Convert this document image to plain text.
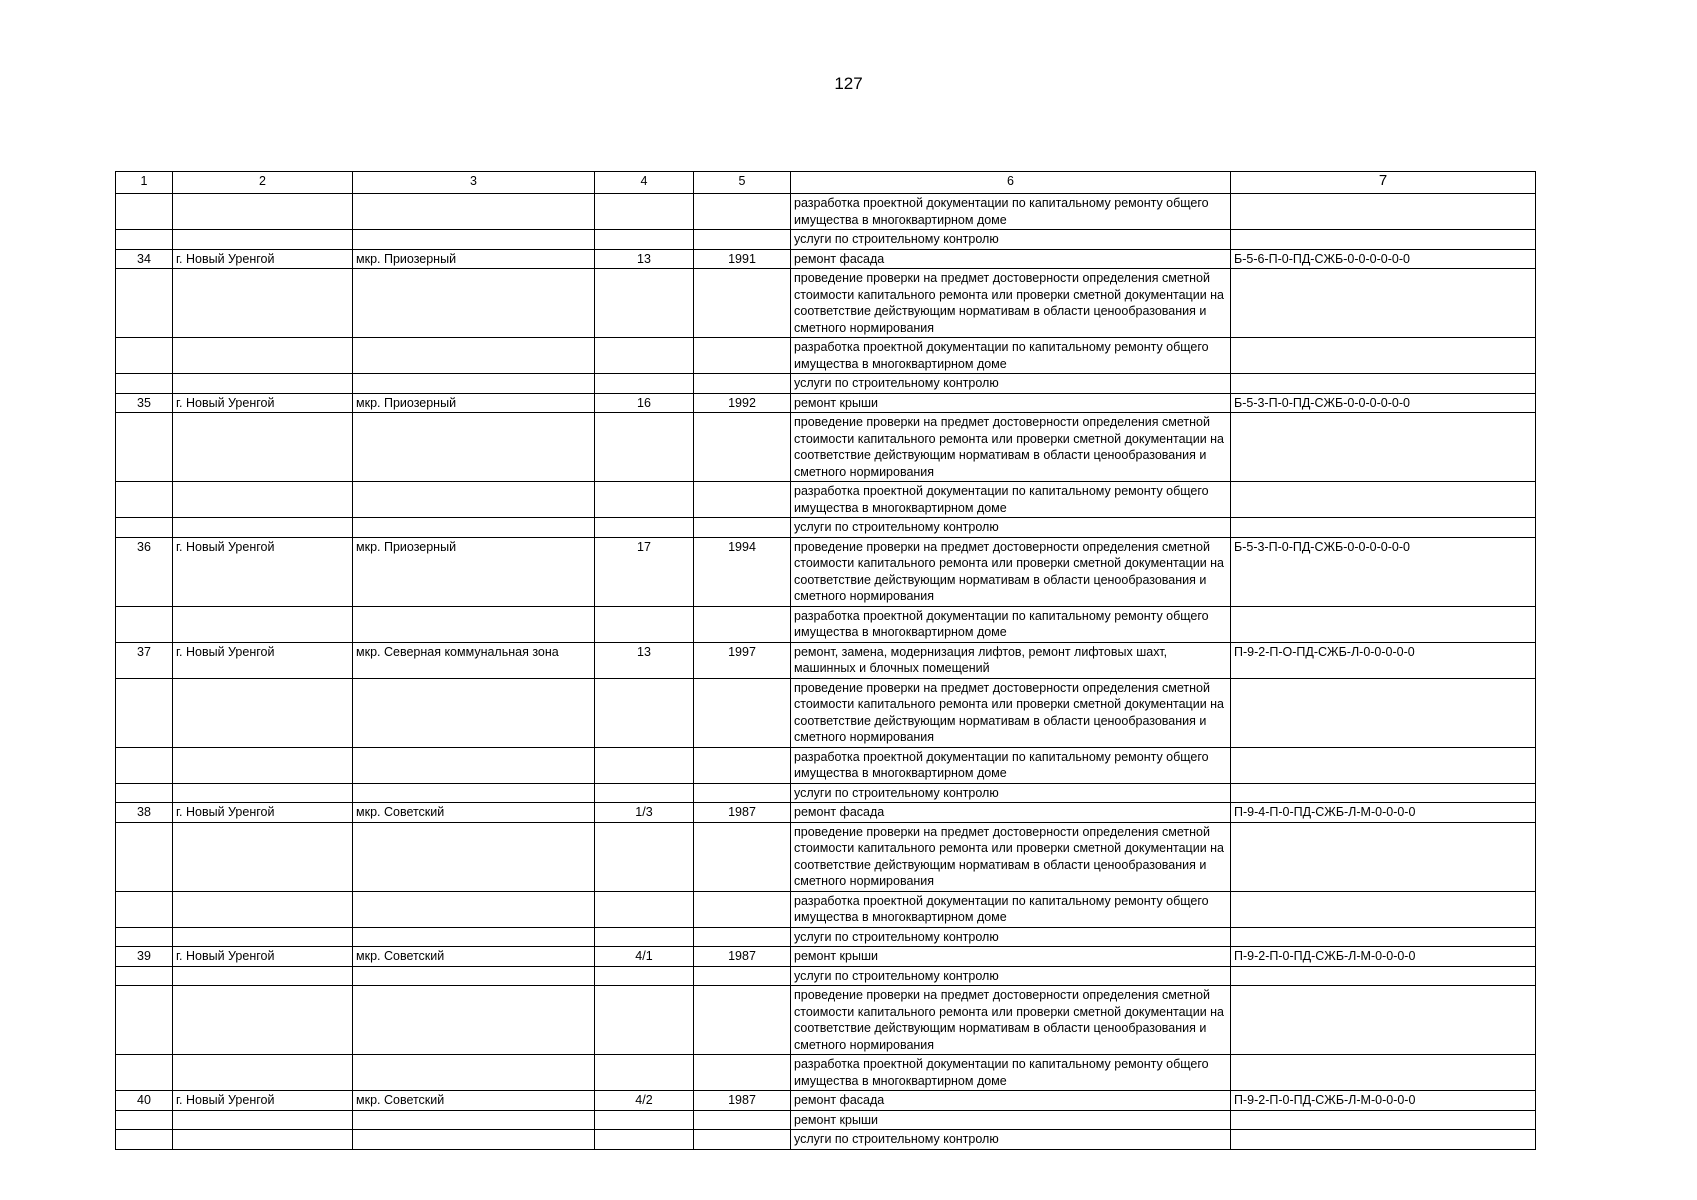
127
1	2	3	4	5	6	7
					разработка проектной документации по капитальному ремонту общего имущества в многоквартирном доме	
					услуги по строительному контролю	
34	г. Новый Уренгой	мкр. Приозерный	13	1991	ремонт фасада	Б-5-6-П-0-ПД-СЖБ-0-0-0-0-0-0
					проведение проверки на предмет достоверности определения сметной стоимости капитального ремонта или проверки сметной документации на соответствие действующим нормативам в области ценообразования и сметного нормирования	
					разработка проектной документации по капитальному ремонту общего имущества в многоквартирном доме	
					услуги по строительному контролю	
35	г. Новый Уренгой	мкр. Приозерный	16	1992	ремонт крыши	Б-5-3-П-0-ПД-СЖБ-0-0-0-0-0-0
					проведение проверки на предмет достоверности определения сметной стоимости капитального ремонта или проверки сметной документации на соответствие действующим нормативам в области ценообразования и сметного нормирования	
					разработка проектной документации по капитальному ремонту общего имущества в многоквартирном доме	
					услуги по строительному контролю	
36	г. Новый Уренгой	мкр. Приозерный	17	1994	проведение проверки на предмет достоверности определения сметной стоимости капитального ремонта или проверки сметной документации на соответствие действующим нормативам в области ценообразования и сметного нормирования	Б-5-3-П-0-ПД-СЖБ-0-0-0-0-0-0
					разработка проектной документации по капитальному ремонту общего имущества в многоквартирном доме	
37	г. Новый Уренгой	мкр. Северная коммунальная зона	13	1997	ремонт, замена, модернизация лифтов, ремонт лифтовых шахт, машинных и блочных помещений	П-9-2-П-О-ПД-СЖБ-Л-0-0-0-0-0
					проведение проверки на предмет достоверности определения сметной стоимости капитального ремонта или проверки сметной документации на соответствие действующим нормативам в области ценообразования и сметного нормирования	
					разработка проектной документации по капитальному ремонту общего имущества в многоквартирном доме	
					услуги по строительному контролю	
38	г. Новый Уренгой	мкр. Советский	1/3	1987	ремонт фасада	П-9-4-П-0-ПД-СЖБ-Л-М-0-0-0-0
					проведение проверки на предмет достоверности определения сметной стоимости капитального ремонта или проверки сметной документации на соответствие действующим нормативам в области ценообразования и сметного нормирования	
					разработка проектной документации по капитальному ремонту общего имущества в многоквартирном доме	
					услуги по строительному контролю	
39	г. Новый Уренгой	мкр. Советский	4/1	1987	ремонт крыши	П-9-2-П-0-ПД-СЖБ-Л-М-0-0-0-0
					услуги по строительному контролю	
					проведение проверки на предмет достоверности определения сметной стоимости капитального ремонта или проверки сметной документации на соответствие действующим нормативам в области ценообразования и сметного нормирования	
					разработка проектной документации по капитальному ремонту общего имущества в многоквартирном доме	
40	г. Новый Уренгой	мкр. Советский	4/2	1987	ремонт фасада	П-9-2-П-0-ПД-СЖБ-Л-М-0-0-0-0
					ремонт крыши	
					услуги по строительному контролю	
